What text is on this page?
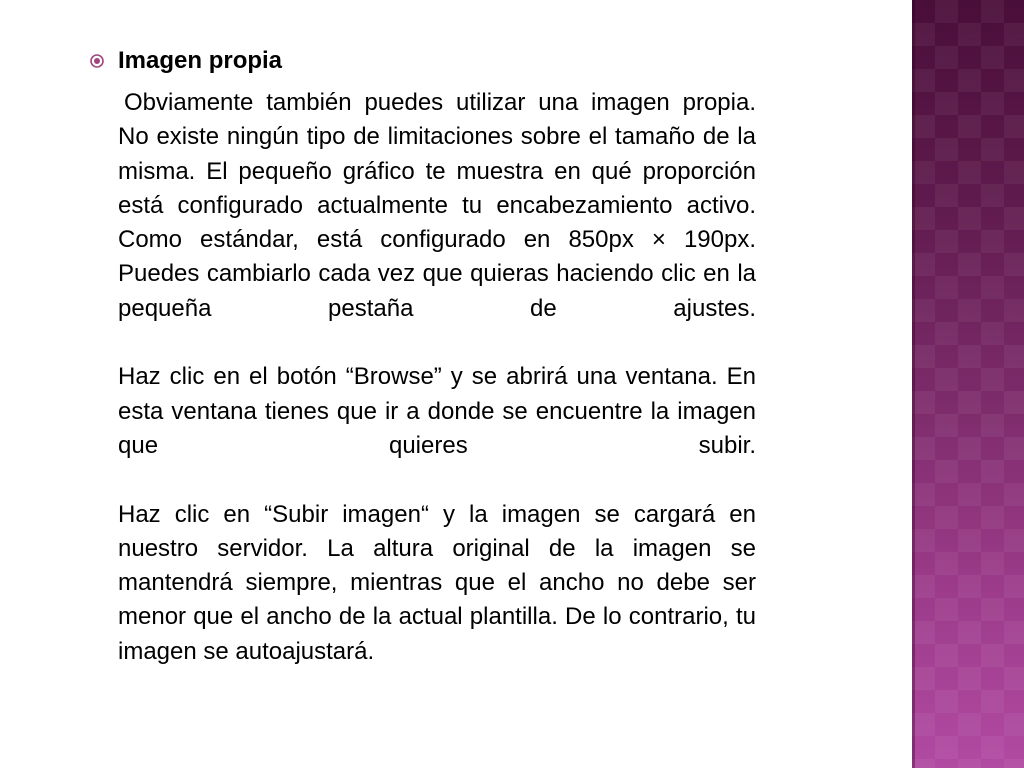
Imagen propia

Obviamente también puedes utilizar una imagen propia. No existe ningún tipo de limitaciones sobre el tamaño de la misma. El pequeño gráfico te muestra en qué proporción está configurado actualmente tu encabezamiento activo. Como estándar, está configurado en 850px × 190px. Puedes cambiarlo cada vez que quieras haciendo clic en la pequeña pestaña de ajustes.

Haz clic en el botón “Browse” y se abrirá una ventana. En esta ventana tienes que ir a donde se encuentre la imagen que quieres subir.

Haz clic en “Subir imagen“ y la imagen se cargará en nuestro servidor. La altura original de la imagen se mantendrá siempre, mientras que el ancho no debe ser menor que el ancho de la actual plantilla. De lo contrario, tu imagen se autoajustará.
